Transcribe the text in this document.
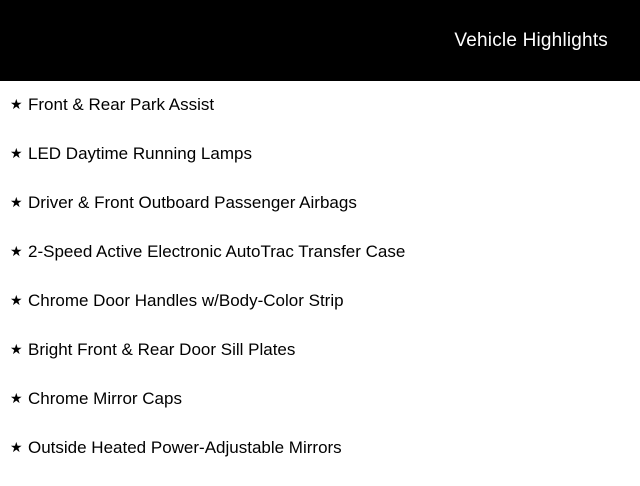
Vehicle Highlights
★ Front & Rear Park Assist
★ LED Daytime Running Lamps
★ Driver & Front Outboard Passenger Airbags
★ 2-Speed Active Electronic AutoTrac Transfer Case
★ Chrome Door Handles w/Body-Color Strip
★ Bright Front & Rear Door Sill Plates
★ Chrome Mirror Caps
★ Outside Heated Power-Adjustable Mirrors
